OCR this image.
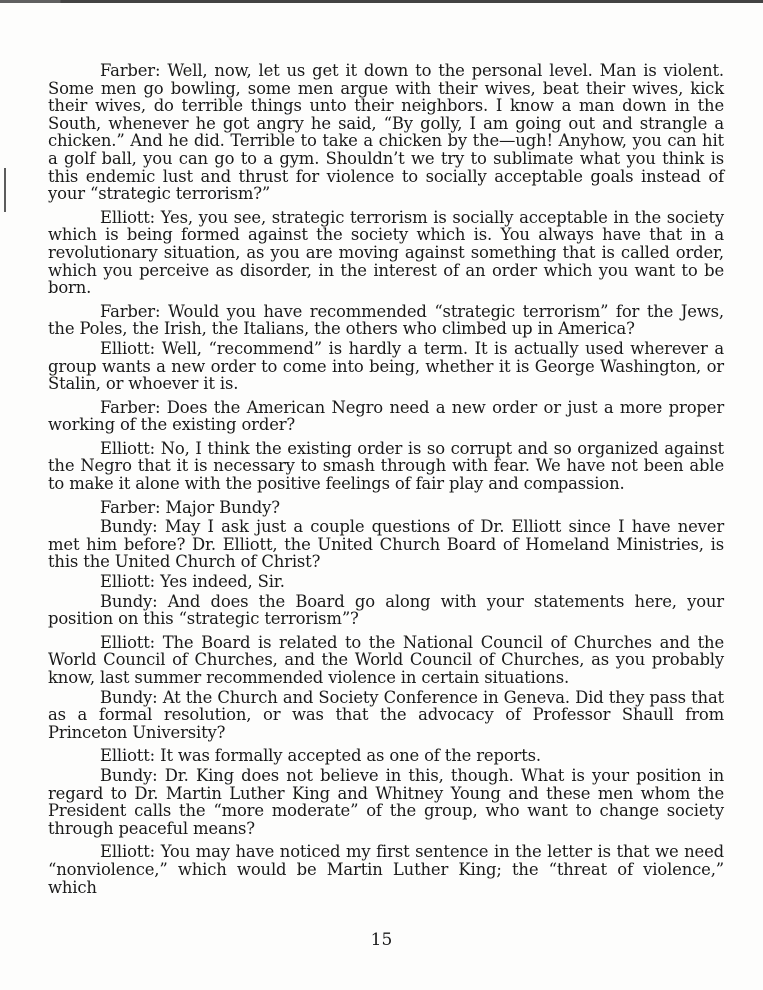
Farber: Well, now, let us get it down to the personal level. Man is violent. Some men go bowling, some men argue with their wives, beat their wives, kick their wives, do terrible things unto their neighbors. I know a man down in the South, whenever he got angry he said, “By golly, I am going out and strangle a chicken.” And he did. Terrible to take a chicken by the—ugh! Anyhow, you can hit a golf ball, you can go to a gym. Shouldn’t we try to sublimate what you think is this endemic lust and thrust for violence to socially acceptable goals instead of your “strategic terrorism?”

Elliott: Yes, you see, strategic terrorism is socially acceptable in the society which is being formed against the society which is. You always have that in a revolutionary situation, as you are moving against something that is called order, which you perceive as disorder, in the interest of an order which you want to be born.

Farber: Would you have recommended “strategic terrorism” for the Jews, the Poles, the Irish, the Italians, the others who climbed up in America?

Elliott: Well, “recommend” is hardly a term. It is actually used wherever a group wants a new order to come into being, whether it is George Washington, or Stalin, or whoever it is.

Farber: Does the American Negro need a new order or just a more proper working of the existing order?

Elliott: No, I think the existing order is so corrupt and so organized against the Negro that it is necessary to smash through with fear. We have not been able to make it alone with the positive feelings of fair play and compassion.

Farber: Major Bundy?

Bundy: May I ask just a couple questions of Dr. Elliott since I have never met him before? Dr. Elliott, the United Church Board of Homeland Ministries, is this the United Church of Christ?

Elliott: Yes indeed, Sir.

Bundy: And does the Board go along with your statements here, your position on this “strategic terrorism”?

Elliott: The Board is related to the National Council of Churches and the World Council of Churches, and the World Council of Churches, as you probably know, last summer recommended violence in certain situations.

Bundy: At the Church and Society Conference in Geneva. Did they pass that as a formal resolution, or was that the advocacy of Professor Shaull from Princeton University?

Elliott: It was formally accepted as one of the reports.

Bundy: Dr. King does not believe in this, though. What is your position in regard to Dr. Martin Luther King and Whitney Young and these men whom the President calls the “more moderate” of the group, who want to change society through peaceful means?

Elliott: You may have noticed my first sentence in the letter is that we need “nonviolence,” which would be Martin Luther King; the “threat of violence,” which

15
